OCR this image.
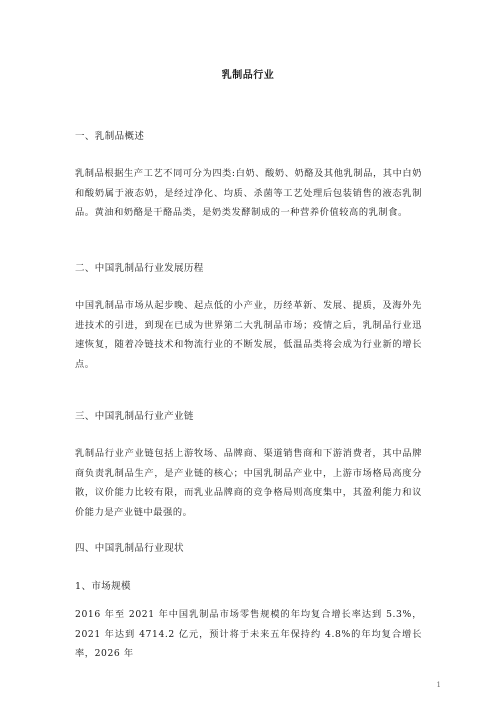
乳制品行业
一、乳制品概述

乳制品根据生产工艺不同可分为四类:白奶、酸奶、奶酪及其他乳制品，其中白奶和酸奶属于液态奶，是经过净化、均质、杀菌等工艺处理后包装销售的液态乳制品。黄油和奶酪是干酪品类，是奶类发酵制成的一种营养价值较高的乳制食。

二、中国乳制品行业发展历程

中国乳制品市场从起步晚、起点低的小产业，历经革新、发展、提质，及海外先进技术的引进，到现在已成为世界第二大乳制品市场；疫情之后，乳制品行业迅速恢复，随着冷链技术和物流行业的不断发展，低温品类将会成为行业新的增长点。

三、中国乳制品行业产业链

乳制品行业产业链包括上游牧场、品牌商、渠道销售商和下游消费者，其中品牌商负责乳制品生产，是产业链的核心；中国乳制品产业中，上游市场格局高度分散，议价能力比较有限，而乳业品牌商的竞争格局则高度集中，其盈利能力和议价能力是产业链中最强的。

四、中国乳制品行业现状
1、市场规模

2016 年至 2021 年中国乳制品市场零售规模的年均复合增长率达到 5.3%，2021 年达到 4714.2 亿元，预计将于未来五年保持约 4.8%的年均复合增长率，2026 年

1
